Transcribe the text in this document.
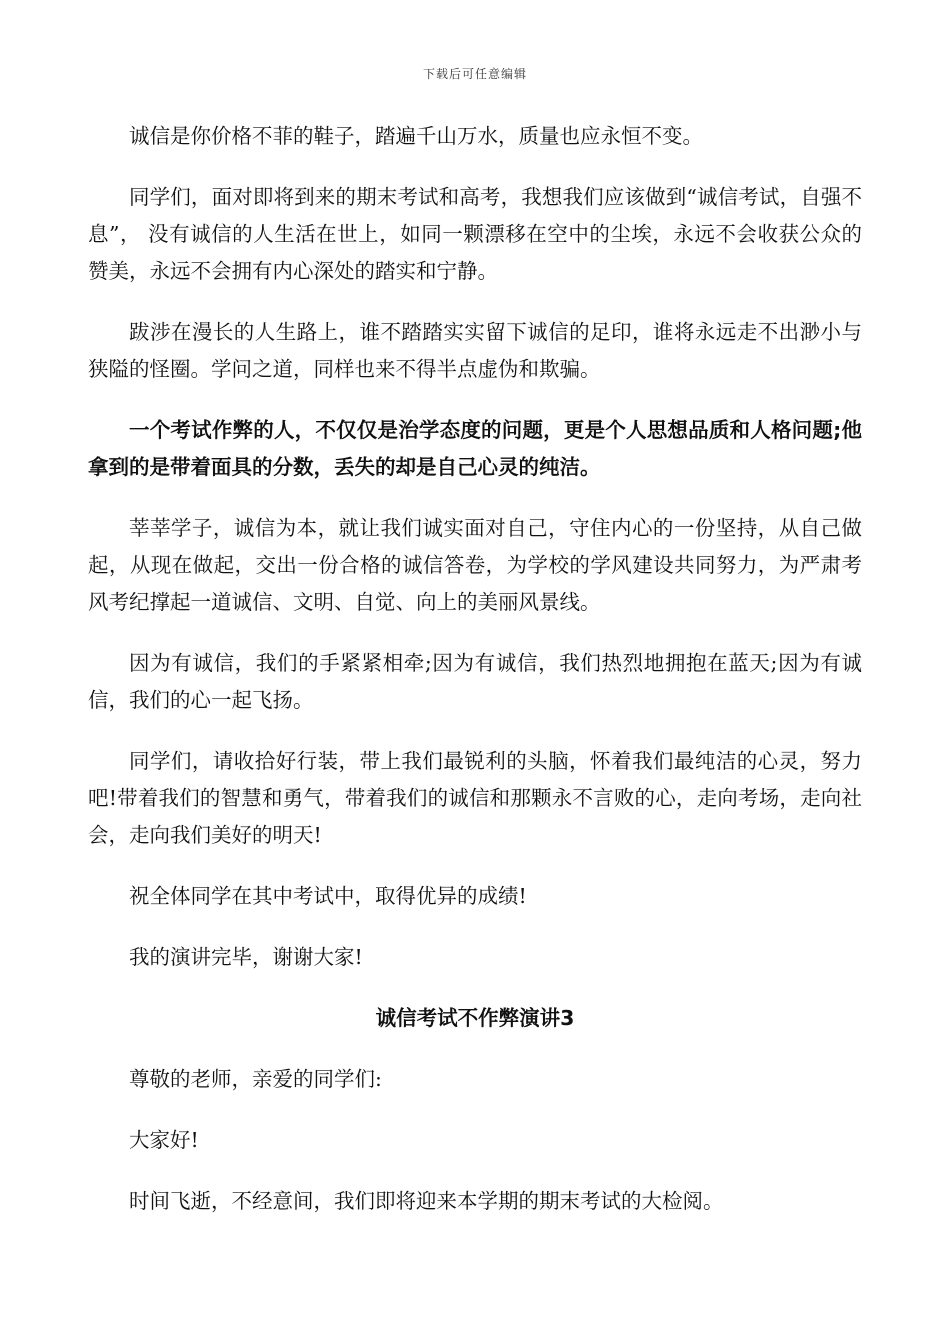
下载后可任意编辑

诚信是你价格不菲的鞋子，踏遍千山万水，质量也应永恒不变。

同学们，面对即将到来的期末考试和高考，我想我们应该做到“诚信考试，自强不息”， 没有诚信的人生活在世上，如同一颗漂移在空中的尘埃，永远不会收获公众的赞美，永远不会拥有内心深处的踏实和宁静。

跋涉在漫长的人生路上，谁不踏踏实实留下诚信的足印，谁将永远走不出渺小与狭隘的怪圈。学问之道，同样也来不得半点虚伪和欺骗。

一个考试作弊的人，不仅仅是治学态度的问题，更是个人思想品质和人格问题;他拿到的是带着面具的分数，丢失的却是自己心灵的纯洁。

莘莘学子，诚信为本，就让我们诚实面对自己，守住内心的一份坚持，从自己做起，从现在做起，交出一份合格的诚信答卷，为学校的学风建设共同努力，为严肃考风考纪撑起一道诚信、文明、自觉、向上的美丽风景线。

因为有诚信，我们的手紧紧相牵;因为有诚信，我们热烈地拥抱在蓝天;因为有诚信，我们的心一起飞扬。

同学们，请收拾好行装，带上我们最锐利的头脑，怀着我们最纯洁的心灵，努力吧!带着我们的智慧和勇气，带着我们的诚信和那颗永不言败的心，走向考场，走向社会，走向我们美好的明天!

祝全体同学在其中考试中，取得优异的成绩!

我的演讲完毕，谢谢大家!

诚信考试不作弊演讲3

尊敬的老师，亲爱的同学们:

大家好!

时间飞逝，不经意间，我们即将迎来本学期的期末考试的大检阅。
